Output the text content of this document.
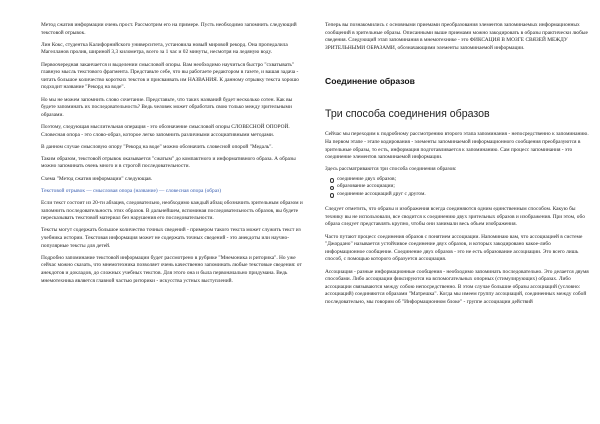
Метод сжатия информации очень прост. Рассмотрим его на примере. Пусть необходимо запомнить следующий текстовой отрывок.

Лин Кокс, студентка Калифорнийского университета, установила новый мировой рекорд. Она пропедалила Магелланов пролив, шириной 3,3 километра, всего за 1 час и 02 минуты, несмотря на ледяную воду.

Первоочередная заканчается и выделении смысловой опоры. Вам необходимо научиться быстро "схватывать" главную мысль текстового фрагмента. Представьте себе, что вы работаете редактором в газете, и вашая задача - читать большое количество коротких текстов и присваивать им НАЗВАНИЯ. К данному отрывку текста хорошо подходит название "Рекорд на воде".

Но мы не можем запомнить слово сочетание. Представьте, что таких названий будет несколько сотен. Как вы будете запоминать их последовательность? Ведь человек может обработать свою только между зрительными образами.

Поэтому, следующая мыслительная операция - это обозначение смысловой опоры СЛОВЕСНОЙ ОПОРОЙ. Словесная опора - это слово-образ, которое легко запомнить различными ассоциативными методами.

В данном случае смысловую опору "Рекорд на воде" можно обозначить словесной опорой "Медаль".

Таким образом, текстовой отрывок оказывается "сжатым" до компактного и информативного образа. А образы можно запоминать очень много и в строгой последовательности.

Схема "Метод сжатия информации" следующая.

Текстовой отрывок — смысловая опора (название) — словесная опора (образ)

Если текст состоит из 20-ти абзацев, следовательно, необходимо каждый абзац обозначить зрительным образом и запомнить последовательность этих образов. В дальнейшем, вспоминая последовательность образов, вы будете пересказывать текстовой материал без нарушения его последовательности.

Тексты могут содержать большое количество точных сведений - примером такого текста может служить текст из учебника истории. Текстовая информация может не содержать точных сведений - это анекдоты или научно-популярные тексты для детей.

Подробно запоминание текстовой информации будет рассмотрено в рубрике "Мнемоника и риторика". Но уже сейчас можно сказать, что мнемотехника позволяет очень качественно запоминать любые текстовые сведения: от анекдотов и докладов, до сложных учебных текстов. Для этого она и была первоначально придумана. Ведь мнемотехника является главной частью риторики - искусства устных выступлений.

Теперь вы познакомились с основными приемами преобразования элементов запоминаемых информационных сообщений в зрительные образы. Описанными выше приемами можно закодировать в образы практически любые сведения. Следующий этап запоминания в мнемотехнике - это ФИКСАЦИЯ В МОЗГЕ СВЯЗЕЙ МЕЖДУ ЗРИТЕЛЬНЫМИ ОБРАЗАМИ, обозначающими элементы запоминаемой информации.

Соединение образов
Три способа соединения образов

Сейчас мы переходим к подробному рассмотрению второго этапа запоминания - непосредственно к запоминанию. На первом этапе - этапе кодирования - элементы запоминаемой информационного сообщения преобразуются в зрительные образы, то есть, информация подготавливается к запоминанию. Сам процесс запоминания - это соединение элементов запоминаемой информации.

Здесь рассматриваются три способа соединения образов:

соединение двух образов;
образование ассоциации;
соединение ассоциаций друг с другом.

Следует отметить, что образы и изображения всегда соединяются одним единственным способом. Какую бы технику вы не использовали, все сводится к соединению двух зрительных образов и изображения. При этом, обо образа следует представлять крупно, чтобы они занимали весь объем изображения.

Часто путают процесс соединения образов с понятием ассоциации. Напоминаю вам, что ассоциацией в системе "Джордано" называется устойчивое соединение двух образов, и которых закодировано какое-либо информационное сообщение. Соединение двух образов - это не есть образование ассоциации. Это всего лишь способ, с помощью которого образуется ассоциация.

Ассоциация - разные информационные сообщения - необходимо запоминать последовательно. Это делается двумя способами. Либо ассоциации фиксируются на вспомогательных опорных (стимулирующих) образах. Либо ассоциации связываются между собою непосредственно. В этом случае большие образы ассоциаций (условно: ассоциаций) соединяются образами "Матрешка". Когда мы имеем группу ассоциаций, соединенных между собой последовательно, мы говорим об "Информационном блоке" - группе ассоциации действий
